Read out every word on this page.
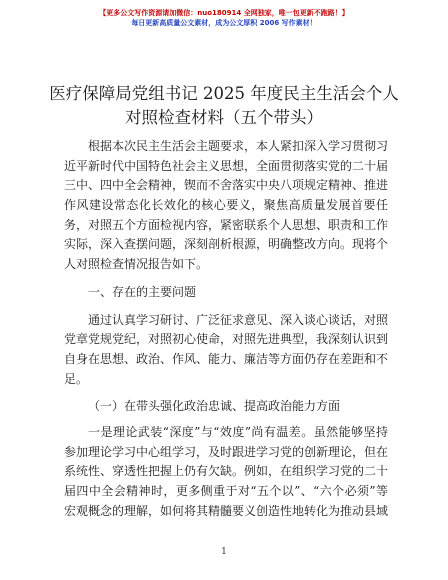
【更多公文写作资源请加微信：nuo180914 全网独家，唯一包更新不跑路！】
每日更新高质量公文素材，成为公文厚积 2006 写作素材！
医疗保障局党组书记 2025 年度民主生活会个人
对照检查材料（五个带头）
根据本次民主生活会主题要求，本人紧扣深入学习贯彻习
近平新时代中国特色社会主义思想，全面贯彻落实党的二十届
三中、四中全会精神，锲而不舍落实中央八项规定精神、推进
作风建设常态化长效化的核心要义，聚焦高质量发展首要任
务，对照五个方面检视内容，紧密联系个人思想、职责和工作
实际，深入查摆问题，深刻剖析根源，明确整改方向。现将个
人对照检查情况报告如下。
一、存在的主要问题
通过认真学习研讨、广泛征求意见、深入谈心谈话，对照
党章党规党纪，对照初心使命，对照先进典型，我深刻认识到
自身在思想、政治、作风、能力、廉洁等方面仍存在差距和不
足。
（一）在带头强化政治忠诚、提高政治能力方面
一是理论武装“深度”与“效度”尚有温差。虽然能够坚持
参加理论学习中心组学习，及时跟进学习党的创新理论，但在
系统性、穿透性把握上仍有欠缺。例如，在组织学习党的二十
届四中全会精神时，更多侧重于对“五个以”、“六个必须”等
宏观概念的理解，如何将其精髓要义创造性地转化为推动县域
1
